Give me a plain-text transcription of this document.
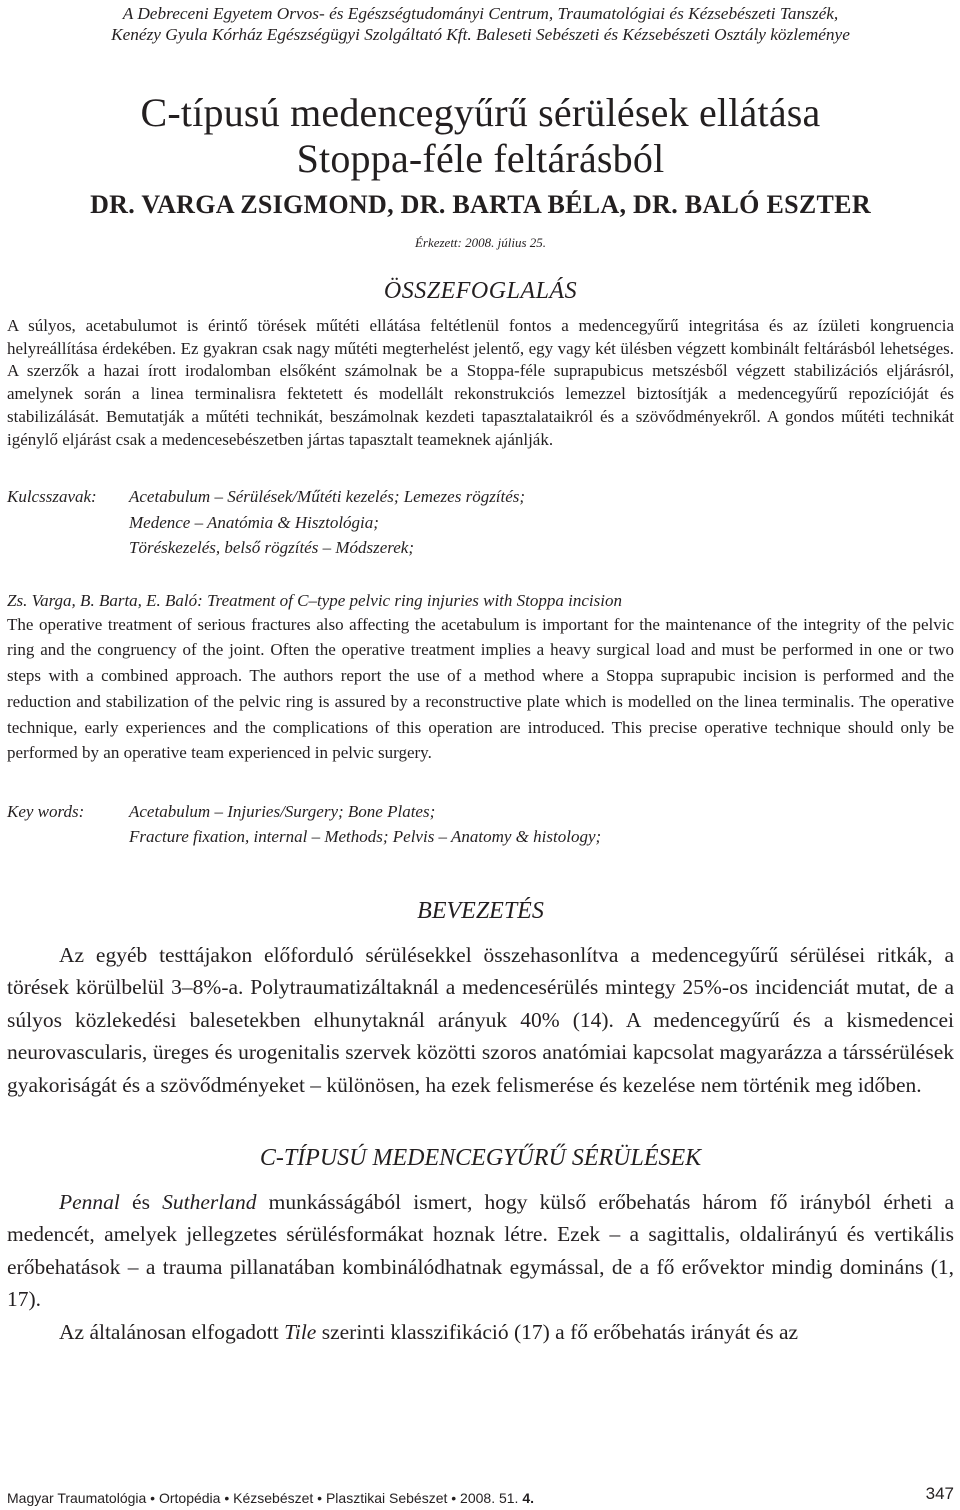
A Debreceni Egyetem Orvos- és Egészségtudományi Centrum, Traumatológiai és Kézsebészeti Tanszék,
Kenézy Gyula Kórház Egészségügyi Szolgáltató Kft. Baleseti Sebészeti és Kézsebészeti Osztály közleménye
C-típusú medencegyűrű sérülések ellátása
Stoppa-féle feltárásból
DR. VARGA ZSIGMOND, DR. BARTA BÉLA, DR. BALÓ ESZTER
Érkezett: 2008. július 25.
ÖSSZEFOGLALÁS
A súlyos, acetabulumot is érintő törések műtéti ellátása feltétlenül fontos a medencegyűrű integritása és az ízületi kongruencia helyreállítása érdekében. Ez gyakran csak nagy műtéti megterhelést jelentő, egy vagy két ülésben végzett kombinált feltárásból lehetséges. A szerzők a hazai írott irodalomban elsőként számolnak be a Stoppa-féle suprapubicus metszésből végzett stabilizációs eljárásról, amelynek során a linea terminalisra fektetett és modellált rekonstrukciós lemezzel biztosítják a medencegyűrű repozícióját és stabilizálását. Bemutatják a műtéti technikát, beszámolnak kezdeti tapasztalataikról és a szövődményekről. A gondos műtéti technikát igénylő eljárást csak a medencesebészetben jártas tapasztalt teameknek ajánlják.
Kulcsszavak:	Acetabulum – Sérülések/Műtéti kezelés; Lemezes rögzítés;
Medence – Anatómia & Hisztológia;
Töréskezelés, belső rögzítés – Módszerek;
Zs. Varga, B. Barta, E. Baló: Treatment of C–type pelvic ring injuries with Stoppa incision
The operative treatment of serious fractures also affecting the acetabulum is important for the maintenance of the integrity of the pelvic ring and the congruency of the joint. Often the operative treatment implies a heavy surgical load and must be performed in one or two steps with a combined approach. The authors report the use of a method where a Stoppa suprapubic incision is performed and the reduction and stabilization of the pelvic ring is assured by a reconstructive plate which is modelled on the linea terminalis. The operative technique, early experiences and the complications of this operation are introduced. This precise operative technique should only be performed by an operative team experienced in pelvic surgery.
Key words:	Acetabulum – Injuries/Surgery; Bone Plates;
Fracture fixation, internal – Methods; Pelvis – Anatomy & histology;
BEVEZETÉS

Az egyéb testtájakon előforduló sérülésekkel összehasonlítva a medencegyűrű sérülései ritkák, a törések körülbelül 3–8%-a. Polytraumatizáltaknál a medencesérülés mintegy 25%-os incidenciát mutat, de a súlyos közlekedési balesetekben elhunytaknál arányuk 40% (14). A medencegyűrű és a kismedencei neurovascularis, üreges és urogenitalis szervek közötti szoros anatómiai kapcsolat magyarázza a társsérülések gyakoriságát és a szövődményeket – különösen, ha ezek felismerése és kezelése nem történik meg időben.

C-TÍPUSÚ MEDENCEGYŰRŰ SÉRÜLÉSEK

Pennal és Sutherland munkásságából ismert, hogy külső erőbehatás három fő irányból érheti a medencét, amelyek jellegzetes sérülésformákat hoznak létre. Ezek – a sagittalis, oldalirányú és vertikális erőbehatások – a trauma pillanatában kombinálódhatnak egymással, de a fő erővektor mindig domináns (1, 17).

Az általánosan elfogadott Tile szerinti klasszifikáció (17) a fő erőbehatás irányát és az

Magyar Traumatológia • Ortopédia • Kézsebészet • Plasztikai Sebészet • 2008. 51. 4.	347
